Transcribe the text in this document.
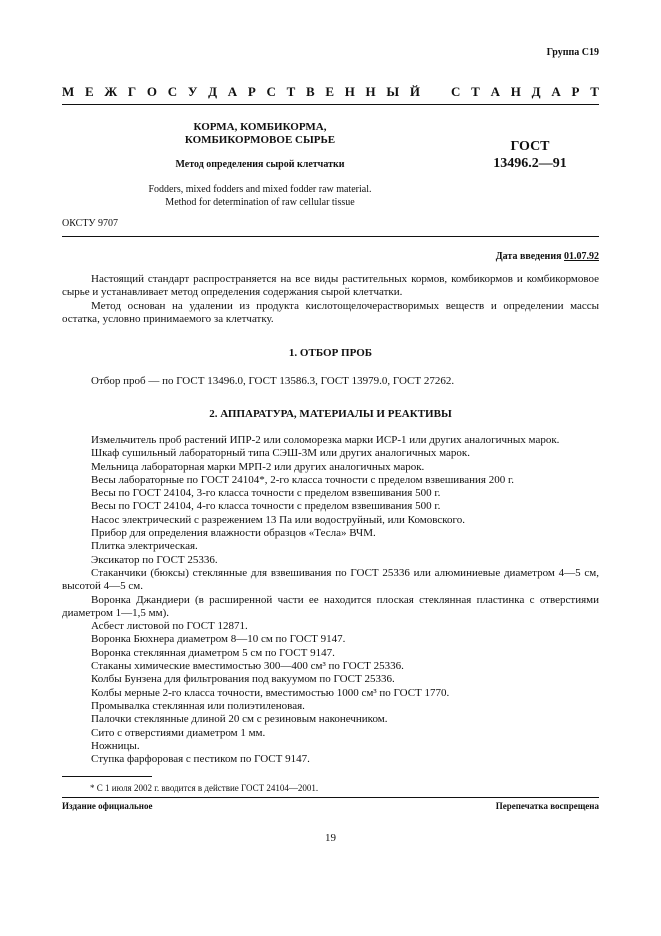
Группа С19
М Е Ж Г О С У Д А Р С Т В Е Н Н Ы Й С Т А Н Д А Р Т
КОРМА, КОМБИКОРМА,
КОМБИКОРМОВОЕ СЫРЬЕ
Метод определения сырой клетчатки
ГОСТ
13496.2—91
Fodders, mixed fodders and mixed fodder raw material.
Method for determination of raw cellular tissue
ОКСТУ 9707
Дата введения 01.07.92

Настоящий стандарт распространяется на все виды растительных кормов, комбикормов и комбикормовое сырье и устанавливает метод определения содержания сырой клетчатки.

Метод основан на удалении из продукта кислотощелочерастворимых веществ и определении массы остатка, условно принимаемого за клетчатку.

1. ОТБОР ПРОБ

Отбор проб — по ГОСТ 13496.0, ГОСТ 13586.3, ГОСТ 13979.0, ГОСТ 27262.

2. АППАРАТУРА, МАТЕРИАЛЫ И РЕАКТИВЫ

Измельчитель проб растений ИПР-2 или соломорезка марки ИСР-1 или других аналогичных марок.

Шкаф сушильный лабораторный типа СЭШ-3М или других аналогичных марок.

Мельница лабораторная марки МРП-2 или других аналогичных марок.

Весы лабораторные по ГОСТ 24104*, 2-го класса точности с пределом взвешивания 200 г.

Весы по ГОСТ 24104, 3-го класса точности с пределом взвешивания 500 г.

Весы по ГОСТ 24104, 4-го класса точности с пределом взвешивания 500 г.

Насос электрический с разрежением 13 Па или водоструйный, или Комовского.

Прибор для определения влажности образцов «Тесла» ВЧМ.

Плитка электрическая.

Эксикатор по ГОСТ 25336.

Стаканчики (бюксы) стеклянные для взвешивания по ГОСТ 25336 или алюминиевые диаметром 4—5 см, высотой 4—5 см.

Воронка Джандиери (в расширенной части ее находится плоская стеклянная пластинка с отверстиями диаметром 1—1,5 мм).

Асбест листовой по ГОСТ 12871.

Воронка Бюхнера диаметром 8—10 см по ГОСТ 9147.

Воронка стеклянная диаметром 5 см по ГОСТ 9147.

Стаканы химические вместимостью 300—400 см³ по ГОСТ 25336.

Колбы Бунзена для фильтрования под вакуумом по ГОСТ 25336.

Колбы мерные 2-го класса точности, вместимостью 1000 см³ по ГОСТ 1770.

Промывалка стеклянная или полиэтиленовая.

Палочки стеклянные длиной 20 см с резиновым наконечником.

Сито с отверстиями диаметром 1 мм.

Ножницы.

Ступка фарфоровая с пестиком по ГОСТ 9147.

* С 1 июля 2002 г. вводится в действие ГОСТ 24104—2001.
Издание официальное	Перепечатка воспрещена
19
